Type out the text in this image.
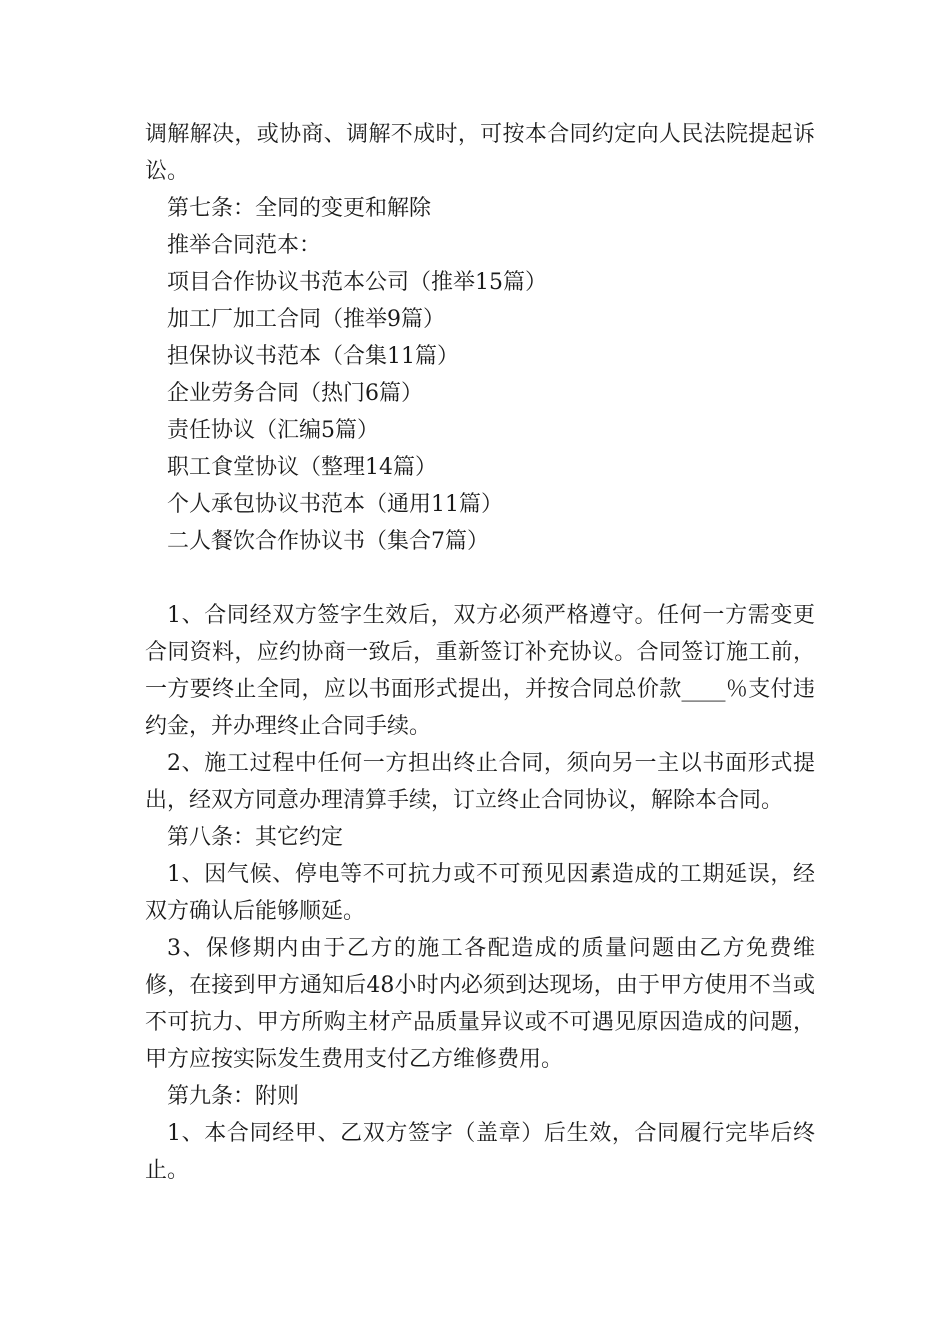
调解解决，或协商、调解不成时，可按本合同约定向人民法院提起诉讼。

第七条：全同的变更和解除

推举合同范本：

项目合作协议书范本公司（推举15篇）

加工厂加工合同（推举9篇）

担保协议书范本（合集11篇）

企业劳务合同（热门6篇）

责任协议（汇编5篇）

职工食堂协议（整理14篇）

个人承包协议书范本（通用11篇）

二人餐饮合作协议书（集合7篇）

1、合同经双方签字生效后，双方必须严格遵守。任何一方需变更合同资料，应约协商一致后，重新签订补充协议。合同签订施工前，一方要终止全同，应以书面形式提出，并按合同总价款____％支付违约金，并办理终止合同手续。

2、施工过程中任何一方担出终止合同，须向另一主以书面形式提出，经双方同意办理清算手续，订立终止合同协议，解除本合同。

第八条：其它约定

1、因气候、停电等不可抗力或不可预见因素造成的工期延误，经双方确认后能够顺延。

3、保修期内由于乙方的施工各配造成的质量问题由乙方免费维修，在接到甲方通知后48小时内必须到达现场，由于甲方使用不当或不可抗力、甲方所购主材产品质量异议或不可遇见原因造成的问题，甲方应按实际发生费用支付乙方维修费用。

第九条：附则

1、本合同经甲、乙双方签字（盖章）后生效，合同履行完毕后终止。
